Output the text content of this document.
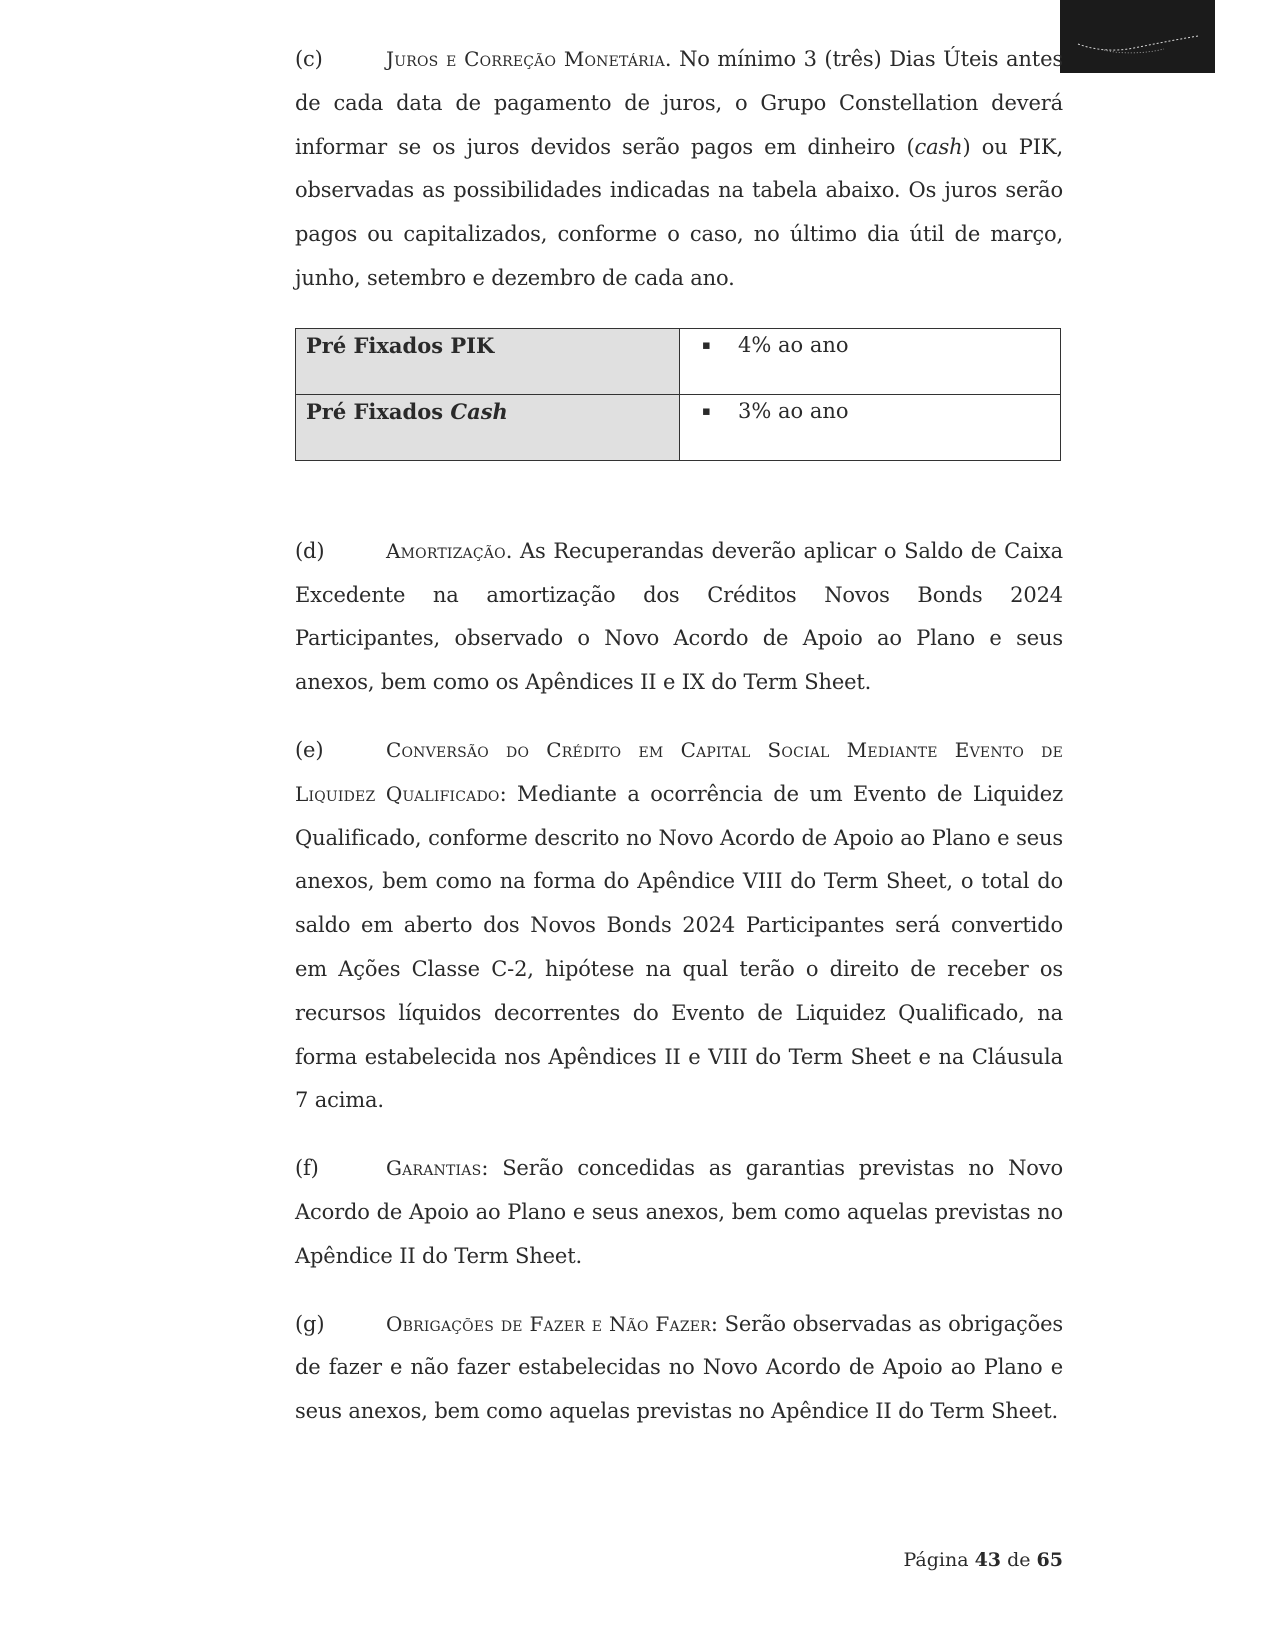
(c)	Juros e Correção Monetária. No mínimo 3 (três) Dias Úteis antes de cada data de pagamento de juros, o Grupo Constellation deverá informar se os juros devidos serão pagos em dinheiro (cash) ou PIK, observadas as possibilidades indicadas na tabela abaixo. Os juros serão pagos ou capitalizados, conforme o caso, no último dia útil de março, junho, setembro e dezembro de cada ano.

Pré Fixados PIK	▪ 4% ao ano
Pré Fixados Cash	▪ 3% ao ano

(d)	Amortização. As Recuperandas deverão aplicar o Saldo de Caixa Excedente na amortização dos Créditos Novos Bonds 2024 Participantes, observado o Novo Acordo de Apoio ao Plano e seus anexos, bem como os Apêndices II e IX do Term Sheet.

(e)	Conversão do Crédito em Capital Social Mediante Evento de Liquidez Qualificado: Mediante a ocorrência de um Evento de Liquidez Qualificado, conforme descrito no Novo Acordo de Apoio ao Plano e seus anexos, bem como na forma do Apêndice VIII do Term Sheet, o total do saldo em aberto dos Novos Bonds 2024 Participantes será convertido em Ações Classe C-2, hipótese na qual terão o direito de receber os recursos líquidos decorrentes do Evento de Liquidez Qualificado, na forma estabelecida nos Apêndices II e VIII do Term Sheet e na Cláusula 7 acima.

(f)	Garantias: Serão concedidas as garantias previstas no Novo Acordo de Apoio ao Plano e seus anexos, bem como aquelas previstas no Apêndice II do Term Sheet.

(g)	Obrigações de Fazer e Não Fazer: Serão observadas as obrigações de fazer e não fazer estabelecidas no Novo Acordo de Apoio ao Plano e seus anexos, bem como aquelas previstas no Apêndice II do Term Sheet.

Página 43 de 65
